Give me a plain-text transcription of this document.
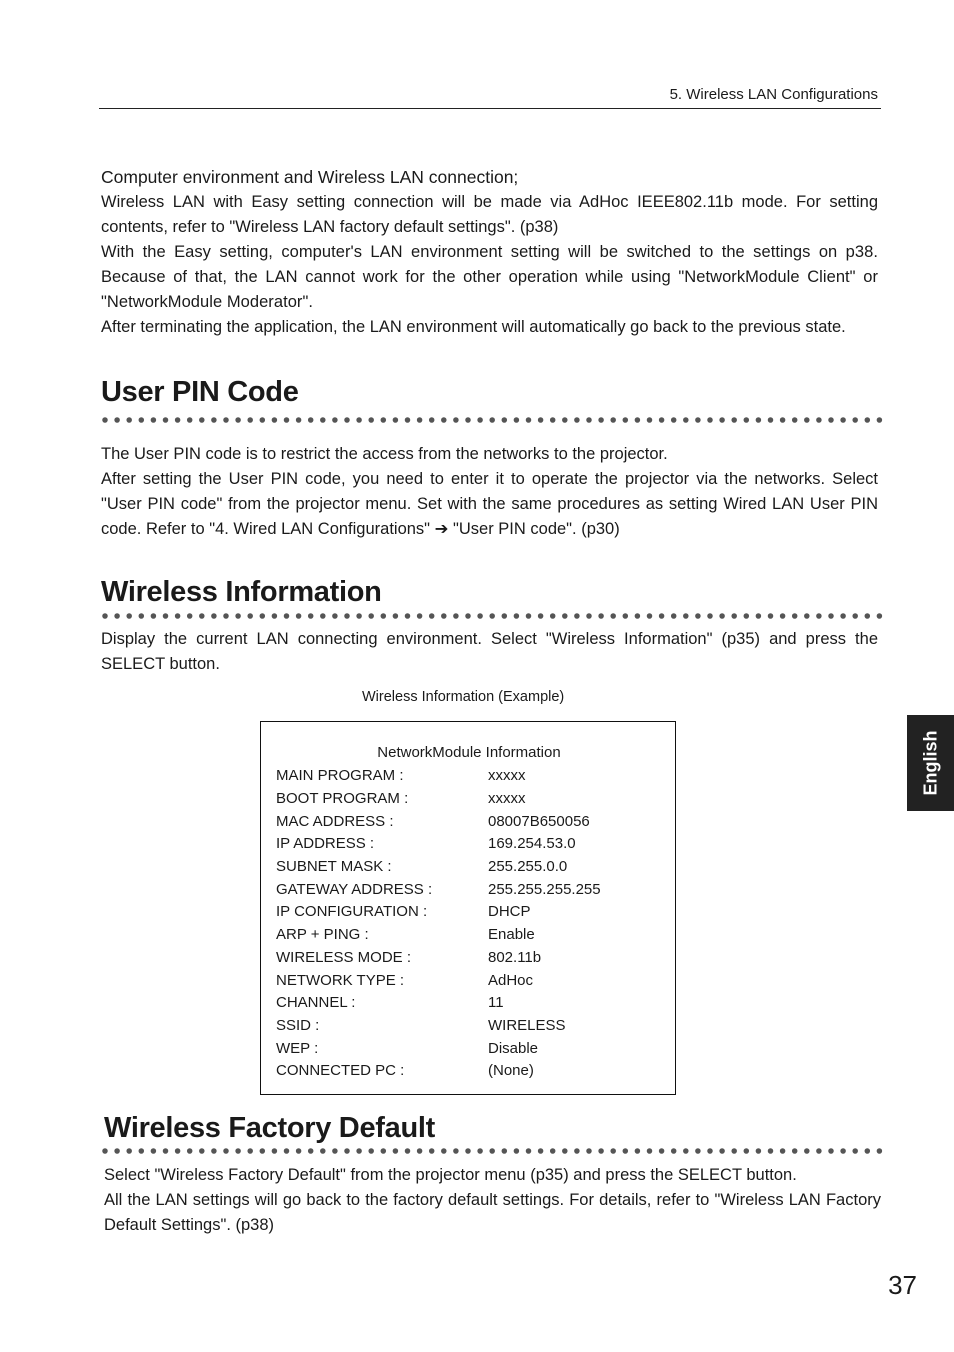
5. Wireless LAN Configurations
Computer environment and Wireless LAN connection;

Wireless LAN with Easy setting connection will be made via AdHoc IEEE802.11b mode. For setting contents, refer to "Wireless LAN factory default settings". (p38)

With the Easy setting, computer's LAN environment setting will be switched to the settings on p38. Because of that, the LAN cannot work for the other operation while using "NetworkModule Client" or "NetworkModule Moderator".

After terminating the application, the LAN environment will automatically go back to the previous state.

User PIN Code

The User PIN code is to restrict the access from the networks to the projector.

After setting the User PIN code, you need to enter it to operate the projector via the networks. Select "User PIN code" from the projector menu. Set with the same procedures as setting Wired LAN User PIN code. Refer to "4. Wired LAN Configurations" ➔ "User PIN code". (p30)

Wireless Information
Display the current LAN connecting environment. Select "Wireless Information" (p35) and press the SELECT button.
Wireless Information (Example)
NetworkModule Information
MAIN PROGRAM :	xxxxx
BOOT PROGRAM :	xxxxx
MAC ADDRESS :	08007B650056
IP ADDRESS :	169.254.53.0
SUBNET MASK :	255.255.0.0
GATEWAY ADDRESS :	255.255.255.255
IP CONFIGURATION :	DHCP
ARP + PING :	Enable
WIRELESS MODE :	802.11b
NETWORK TYPE :	AdHoc
CHANNEL :	11
SSID :	WIRELESS
WEP :	Disable
CONNECTED PC :	(None)
Wireless Factory Default

Select "Wireless Factory Default" from the projector menu (p35) and press the SELECT button.

All the LAN settings will go back to the factory default settings. For details, refer to "Wireless LAN Factory Default Settings". (p38)

English
37
